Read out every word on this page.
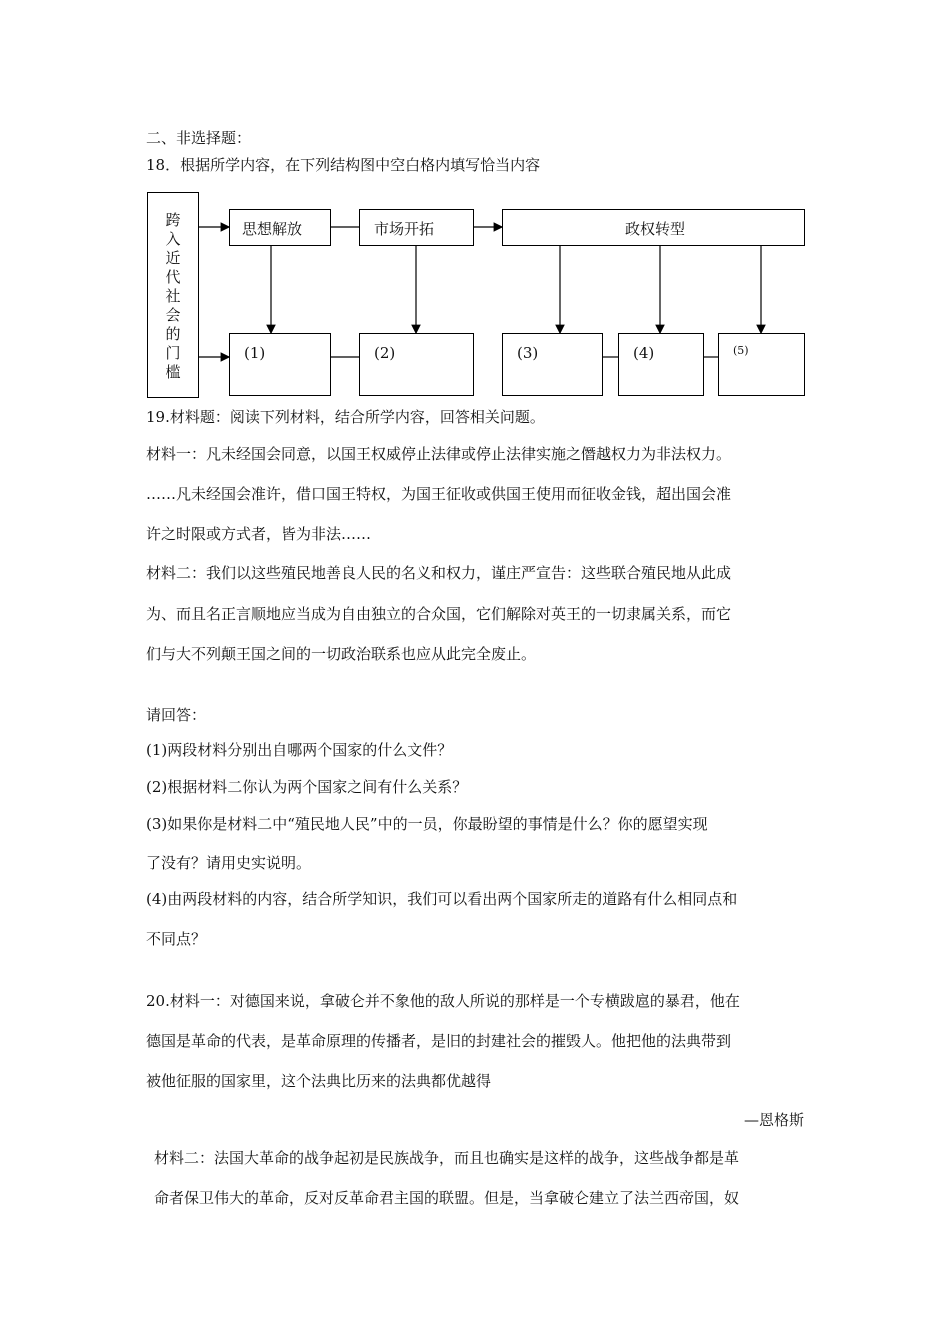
二、非选择题：
18．根据所学内容，在下列结构图中空白格内填写恰当内容
跨
入
近
代
社
会
的
门
槛
思想解放	市场开拓	政权转型
(1)	(2)	(3)	(4)	(5)
19.材料题：阅读下列材料，结合所学内容，回答相关问题。
材料一：凡未经国会同意，以国王权威停止法律或停止法律实施之僭越权力为非法权力。
……凡未经国会准许，借口国王特权，为国王征收或供国王使用而征收金钱，超出国会准
许之时限或方式者，皆为非法……
材料二：我们以这些殖民地善良人民的名义和权力，谨庄严宣告：这些联合殖民地从此成
为、而且名正言顺地应当成为自由独立的合众国，它们解除对英王的一切隶属关系，而它
们与大不列颠王国之间的一切政治联系也应从此完全废止。
请回答：
(1)两段材料分别出自哪两个国家的什么文件？
(2)根据材料二你认为两个国家之间有什么关系？
(3)如果你是材料二中“殖民地人民”中的一员，你最盼望的事情是什么？你的愿望实现
了没有？请用史实说明。
(4)由两段材料的内容，结合所学知识，我们可以看出两个国家所走的道路有什么相同点和
不同点？
20.材料一：对德国来说，拿破仑并不象他的敌人所说的那样是一个专横跋扈的暴君，他在
德国是革命的代表，是革命原理的传播者，是旧的封建社会的摧毁人。他把他的法典带到
被他征服的国家里，这个法典比历来的法典都优越得
—恩格斯
材料二：法国大革命的战争起初是民族战争，而且也确实是这样的战争，这些战争都是革
命者保卫伟大的革命，反对反革命君主国的联盟。但是，当拿破仑建立了法兰西帝国，奴
